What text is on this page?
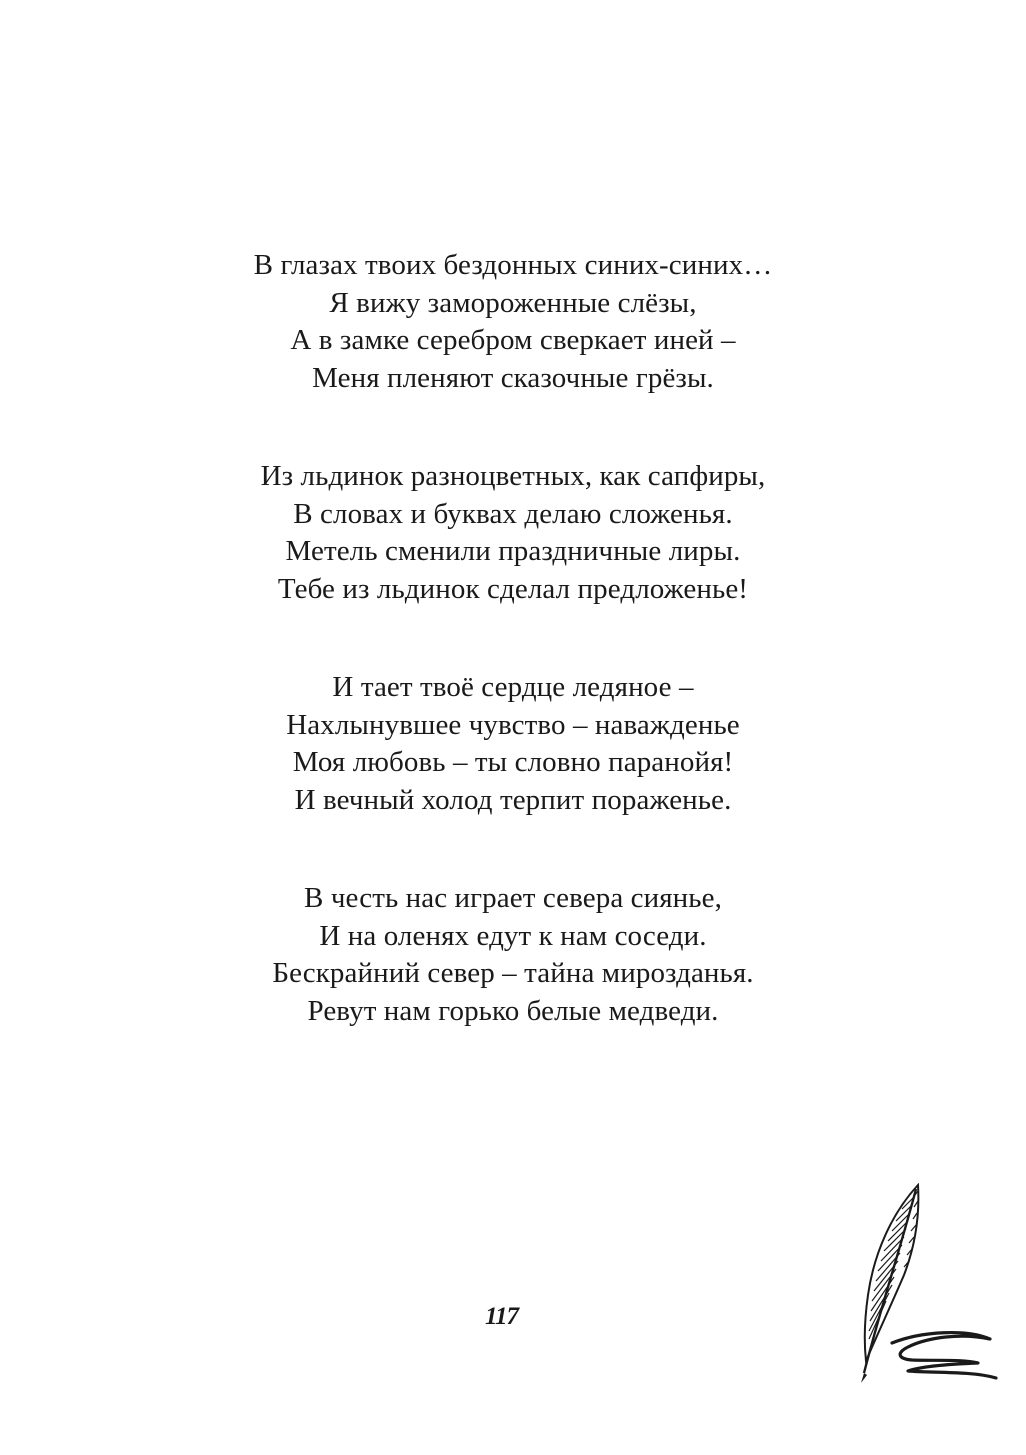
В глазах твоих бездонных синих-синих…
Я вижу замороженные слёзы,
А в замке серебром сверкает иней –
Меня пленяют сказочные грёзы.
Из льдинок разноцветных, как сапфиры,
В словах и буквах делаю сложенья.
Метель сменили праздничные лиры.
Тебе из льдинок сделал предложенье!
И тает твоё сердце ледяное –
Нахлынувшее чувство – наважденье
Моя любовь – ты словно паранойя!
И вечный холод терпит пораженье.
В честь нас играет севера сиянье,
И на оленях едут к нам соседи.
Бескрайний север – тайна мирозданья.
Ревут нам горько белые медведи.
117
